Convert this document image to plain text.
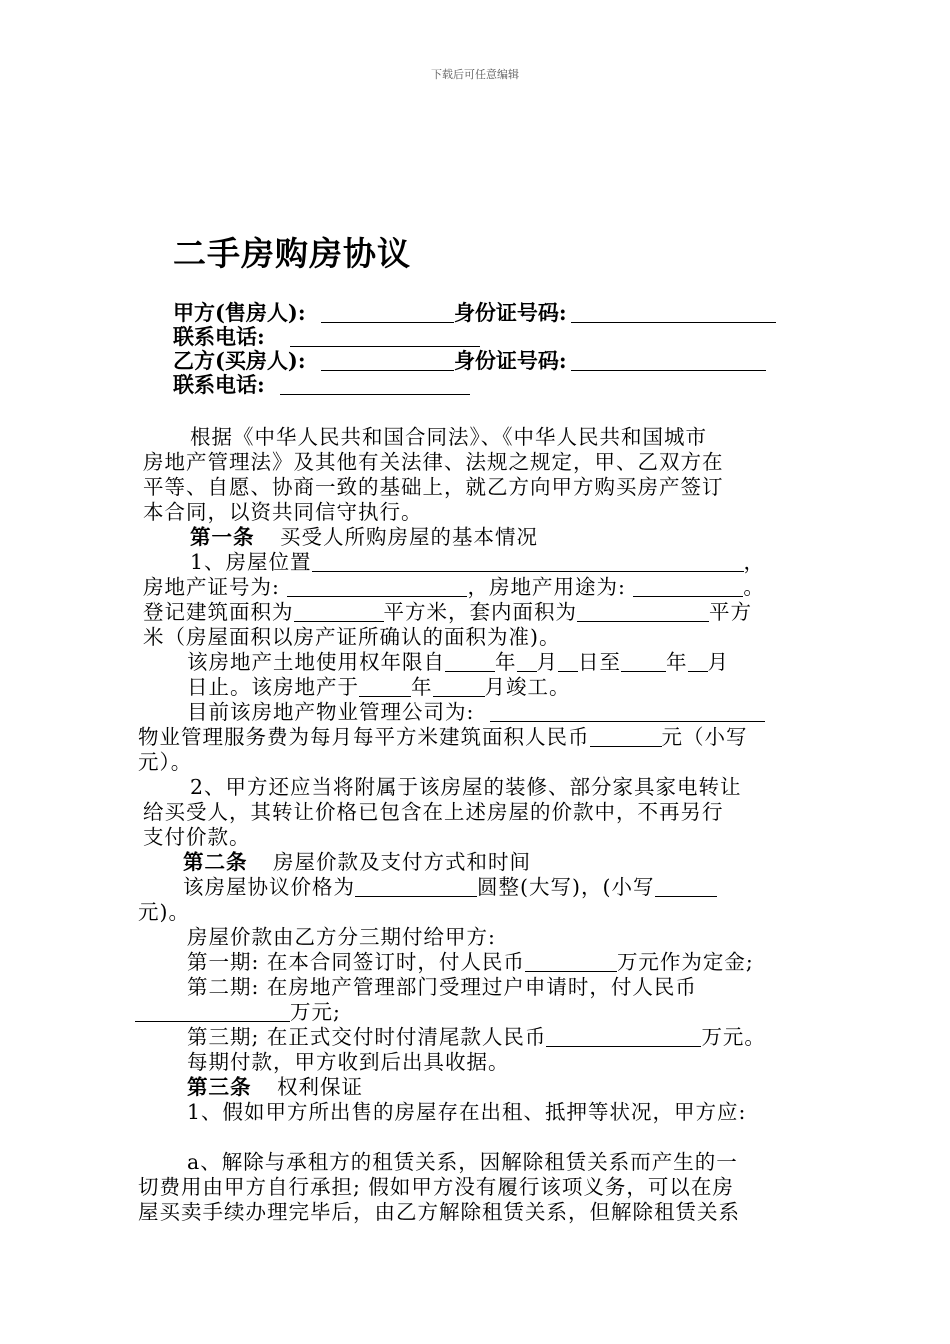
下载后可任意编辑
二手房购房协议
甲方(售房人):	身份证号码:
联系电话:
乙方(买房人):	身份证号码:
联系电话:
根据《中华人民共和国合同法》、《中华人民共和国城市
房地产管理法》及其他有关法律、法规之规定，甲、乙双方在
平等、自愿、协商一致的基础上，就乙方向甲方购买房产签订
本合同，以资共同信守执行。
第一条 买受人所购房屋的基本情况
1、房屋位置	，
房地产证号为:	，房地产用途为:	。
登记建筑面积为	平方米，套内面积为	平方
米（房屋面积以房产证所确认的面积为准)。
该房地产土地使用权年限自 年 月 日至 年 月
日止。该房地产于	年	月竣工。
目前该房地产物业管理公司为:
物业管理服务费为每月每平方米建筑面积人民币	元（小写
元）。
2、甲方还应当将附属于该房屋的装修、部分家具家电转让
给买受人，其转让价格已包含在上述房屋的价款中，不再另行
支付价款。
第二条 房屋价款及支付方式和时间
该房屋协议价格为	圆整(大写)，(小写
元)。
房屋价款由乙方分三期付给甲方:
第一期: 在本合同签订时，付人民币	万元作为定金;
第二期: 在房地产管理部门受理过户申请时，付人民币
万元;
第三期; 在正式交付时付清尾款人民币	万元。
每期付款，甲方收到后出具收据。
第三条 权利保证
1、假如甲方所出售的房屋存在出租、抵押等状况，甲方应:
a、解除与承租方的租赁关系，因解除租赁关系而产生的一
切费用由甲方自行承担; 假如甲方没有履行该项义务，可以在房
屋买卖手续办理完毕后，由乙方解除租赁关系，但解除租赁关系
